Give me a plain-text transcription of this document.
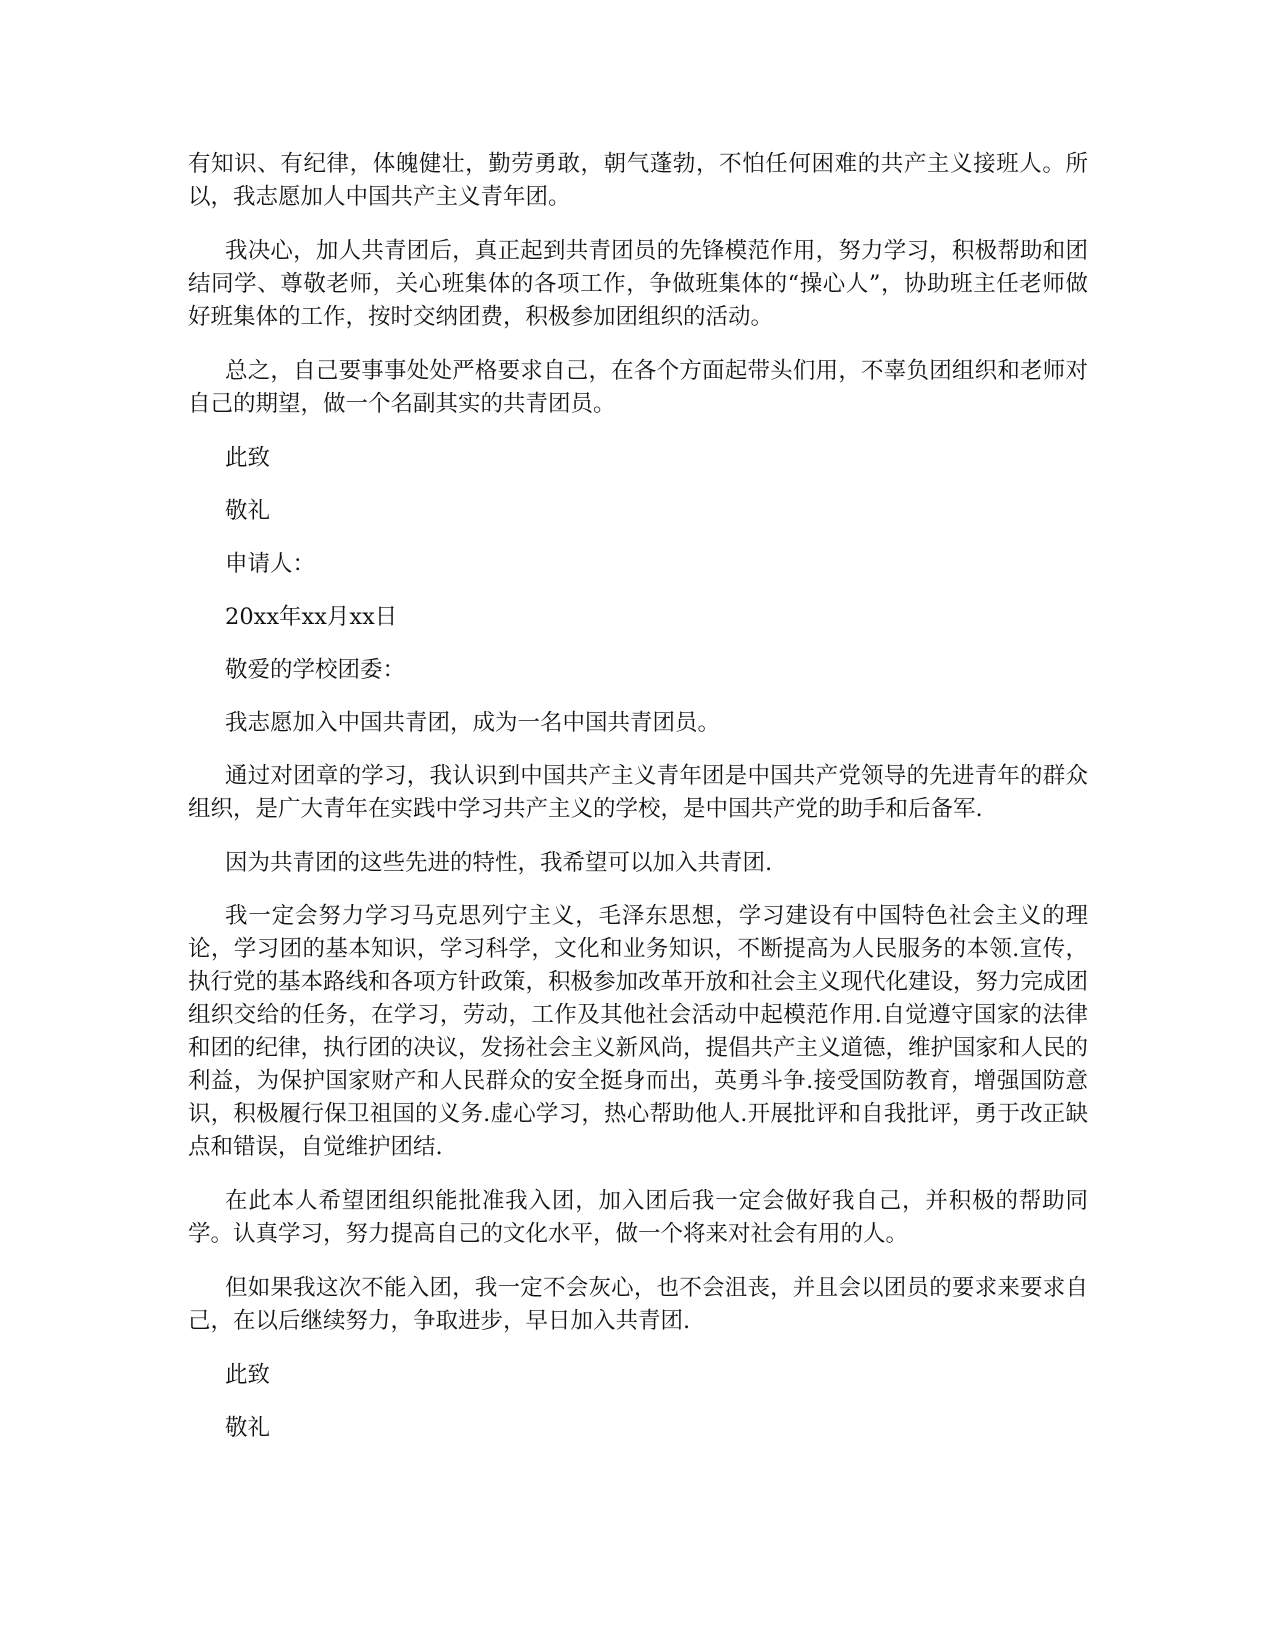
有知识、有纪律，体魄健壮，勤劳勇敢，朝气蓬勃，不怕任何困难的共产主义接班人。所以，我志愿加人中国共产主义青年团。

我决心，加人共青团后，真正起到共青团员的先锋模范作用，努力学习，积极帮助和团结同学、尊敬老师，关心班集体的各项工作，争做班集体的“操心人”，协助班主任老师做好班集体的工作，按时交纳团费，积极参加团组织的活动。

总之，自己要事事处处严格要求自己，在各个方面起带头们用，不辜负团组织和老师对自己的期望，做一个名副其实的共青团员。

此致

敬礼

申请人：

20xx年xx月xx日

敬爱的学校团委：

我志愿加入中国共青团，成为一名中国共青团员。

通过对团章的学习，我认识到中国共产主义青年团是中国共产党领导的先进青年的群众组织，是广大青年在实践中学习共产主义的学校，是中国共产党的助手和后备军.

因为共青团的这些先进的特性，我希望可以加入共青团.

我一定会努力学习马克思列宁主义，毛泽东思想，学习建设有中国特色社会主义的理论，学习团的基本知识，学习科学，文化和业务知识，不断提高为人民服务的本领.宣传，执行党的基本路线和各项方针政策，积极参加改革开放和社会主义现代化建设，努力完成团组织交给的任务，在学习，劳动，工作及其他社会活动中起模范作用.自觉遵守国家的法律和团的纪律，执行团的决议，发扬社会主义新风尚，提倡共产主义道德，维护国家和人民的利益，为保护国家财产和人民群众的安全挺身而出，英勇斗争.接受国防教育，增强国防意识，积极履行保卫祖国的义务.虚心学习，热心帮助他人.开展批评和自我批评，勇于改正缺点和错误，自觉维护团结.

在此本人希望团组织能批准我入团，加入团后我一定会做好我自己，并积极的帮助同学。认真学习，努力提高自己的文化水平，做一个将来对社会有用的人。

但如果我这次不能入团，我一定不会灰心，也不会沮丧，并且会以团员的要求来要求自己，在以后继续努力，争取进步，早日加入共青团.

此致

敬礼
